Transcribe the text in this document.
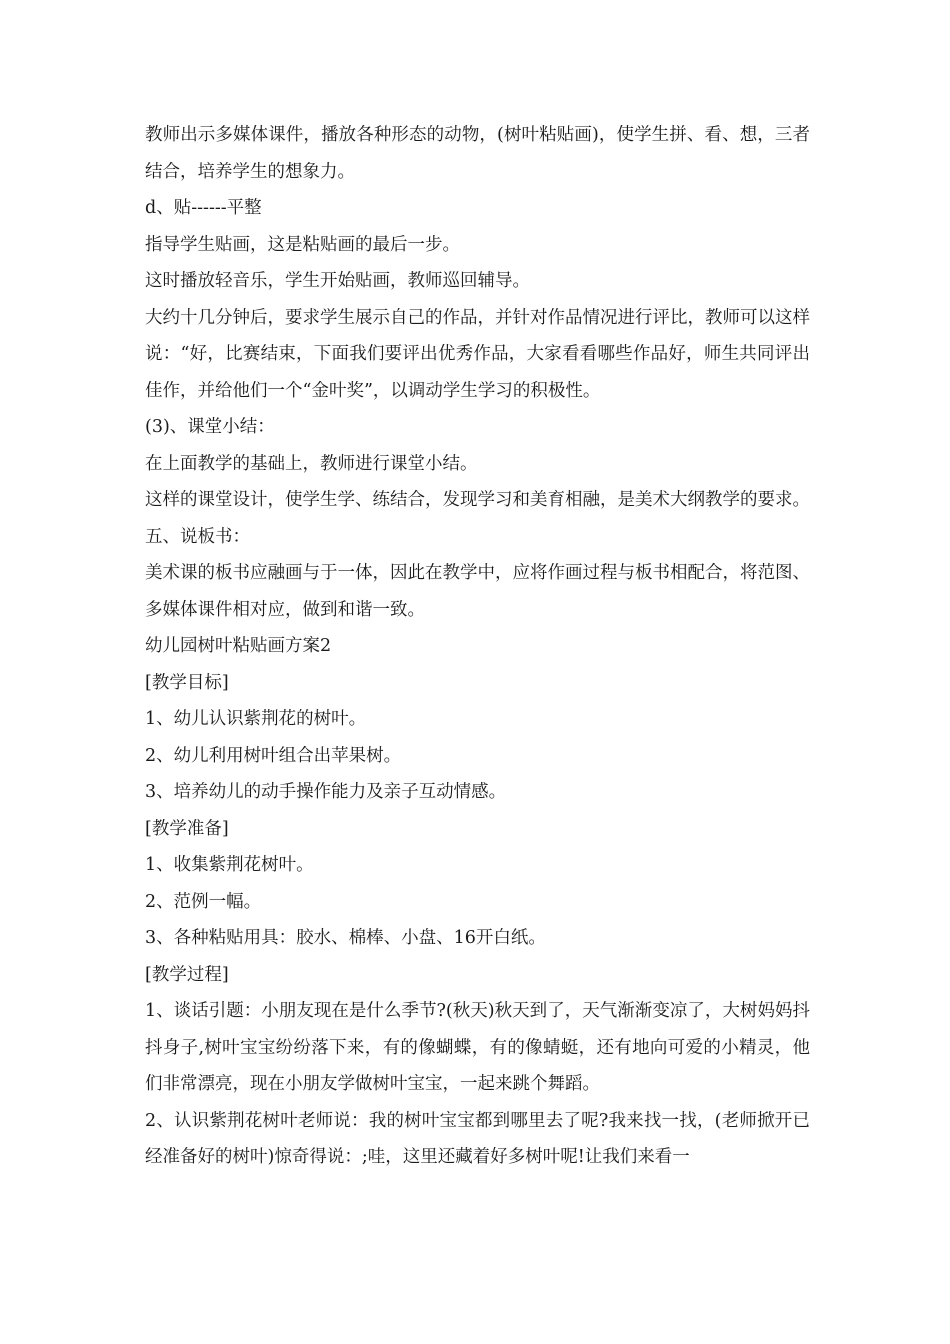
教师出示多媒体课件，播放各种形态的动物，(树叶粘贴画)，使学生拼、看、想，三者结合，培养学生的想象力。

d、贴------平整

指导学生贴画，这是粘贴画的最后一步。

这时播放轻音乐，学生开始贴画，教师巡回辅导。

大约十几分钟后，要求学生展示自己的作品，并针对作品情况进行评比，教师可以这样说：“好，比赛结束，下面我们要评出优秀作品，大家看看哪些作品好，师生共同评出佳作，并给他们一个“金叶奖”，以调动学生学习的积极性。

(3)、课堂小结：

在上面教学的基础上，教师进行课堂小结。

这样的课堂设计，使学生学、练结合，发现学习和美育相融，是美术大纲教学的要求。

五、说板书：

美术课的板书应融画与于一体，因此在教学中，应将作画过程与板书相配合，将范图、多媒体课件相对应，做到和谐一致。

幼儿园树叶粘贴画方案2

[教学目标]

1、幼儿认识紫荆花的树叶。

2、幼儿利用树叶组合出苹果树。

3、培养幼儿的动手操作能力及亲子互动情感。

[教学准备]

1、收集紫荆花树叶。

2、范例一幅。

3、各种粘贴用具：胶水、棉棒、小盘、16开白纸。

[教学过程]

1、谈话引题：小朋友现在是什么季节?(秋天)秋天到了，天气渐渐变凉了，大树妈妈抖抖身子,树叶宝宝纷纷落下来，有的像蝴蝶，有的像蜻蜓，还有地向可爱的小精灵，他们非常漂亮，现在小朋友学做树叶宝宝，一起来跳个舞蹈。

2、认识紫荆花树叶老师说：我的树叶宝宝都到哪里去了呢?我来找一找，(老师掀开已经准备好的树叶)惊奇得说：;哇，这里还藏着好多树叶呢!让我们来看一
